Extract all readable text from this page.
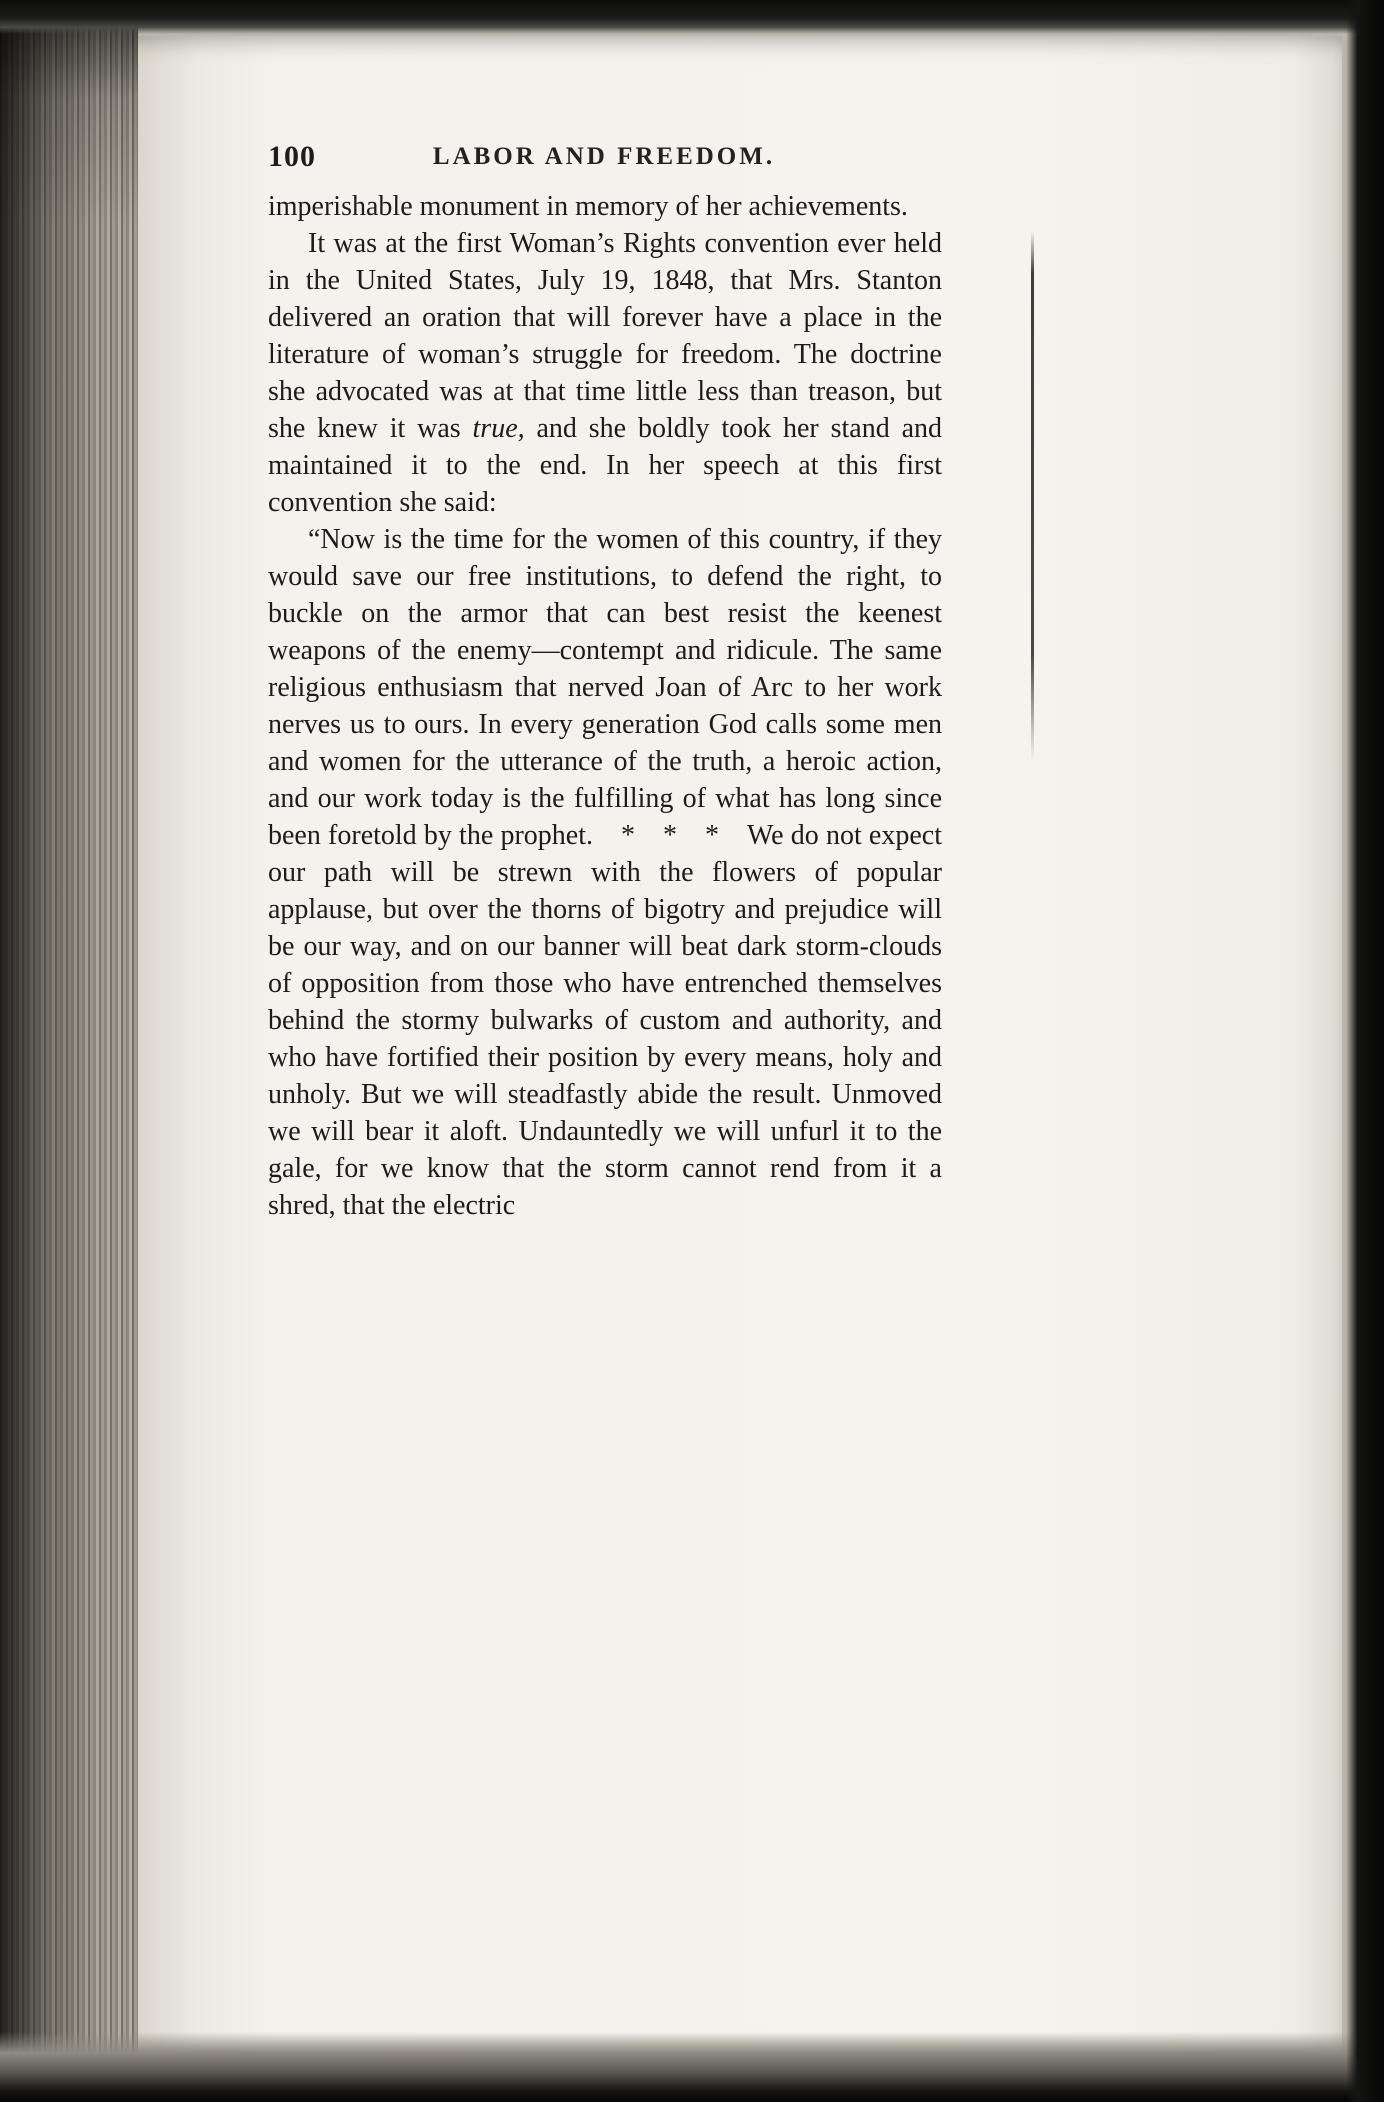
100	LABOR AND FREEDOM.

imperishable monument in memory of her achievements.

It was at the first Woman’s Rights convention ever held in the United States, July 19, 1848, that Mrs. Stanton delivered an oration that will forever have a place in the literature of woman’s struggle for freedom. The doctrine she advocated was at that time little less than treason, but she knew it was true, and she boldly took her stand and maintained it to the end. In her speech at this first convention she said:

“Now is the time for the women of this country, if they would save our free institutions, to defend the right, to buckle on the armor that can best resist the keenest weapons of the enemy—contempt and ridicule. The same religious enthusiasm that nerved Joan of Arc to her work nerves us to ours. In every generation God calls some men and women for the utterance of the truth, a heroic action, and our work today is the fulfilling of what has long since been foretold by the prophet.  *  *  *  We do not expect our path will be strewn with the flowers of popular applause, but over the thorns of bigotry and prejudice will be our way, and on our banner will beat dark storm-clouds of opposition from those who have entrenched themselves behind the stormy bulwarks of custom and authority, and who have fortified their position by every means, holy and unholy. But we will steadfastly abide the result. Unmoved we will bear it aloft. Undauntedly we will unfurl it to the gale, for we know that the storm cannot rend from it a shred, that the electric
